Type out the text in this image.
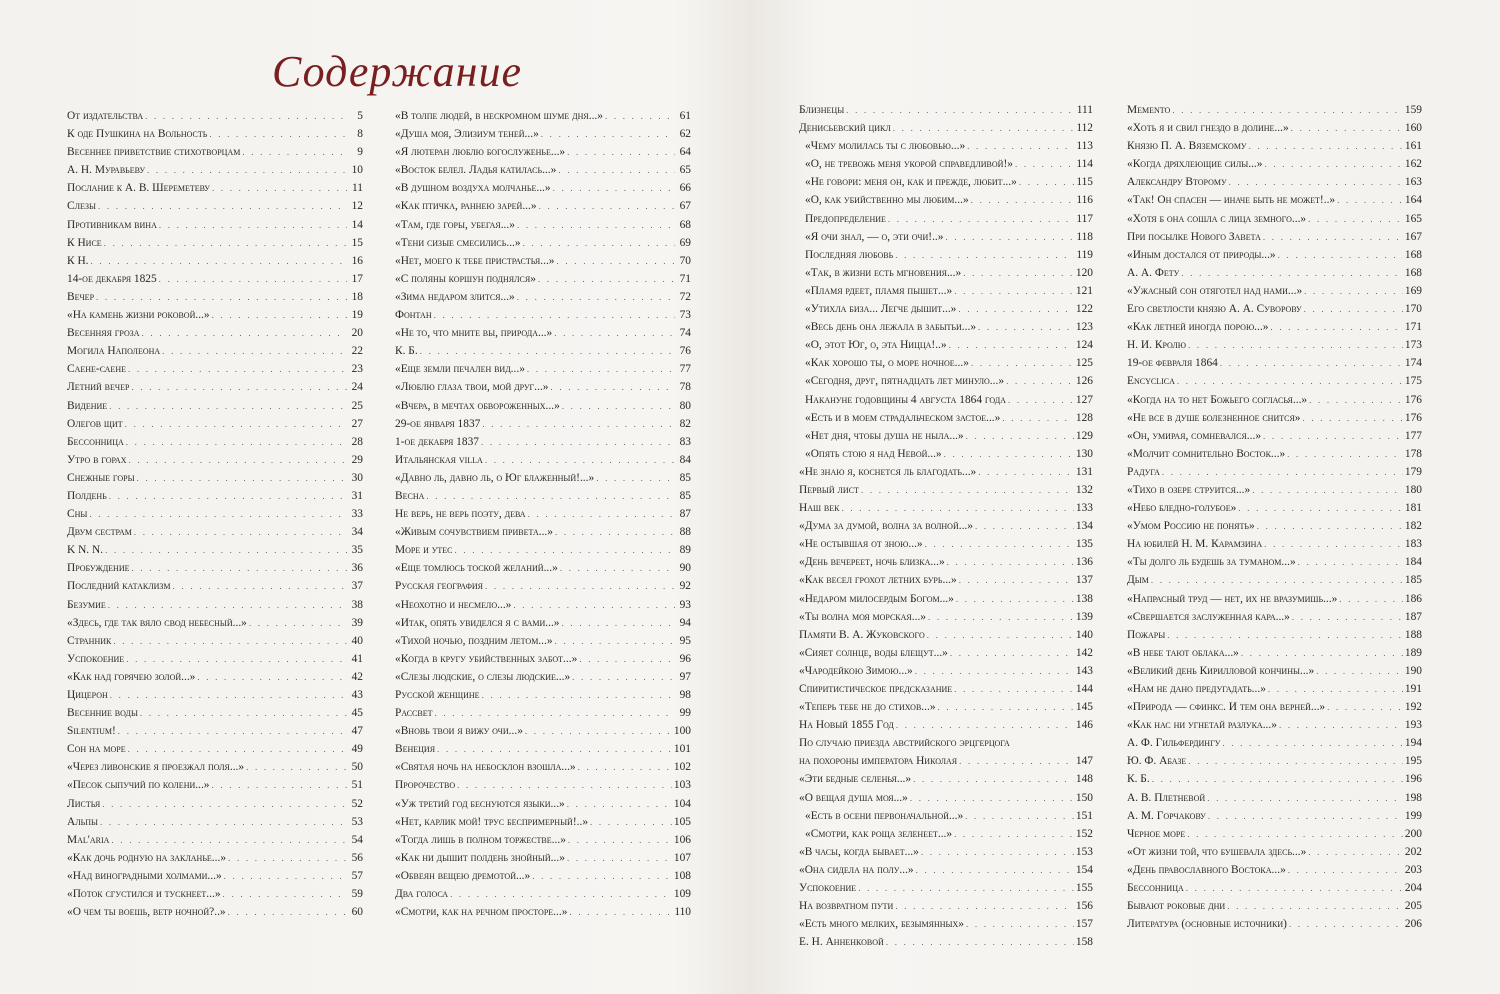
Содержание
От издательства . . .	5
К оде Пушкина на Вольность . . .	8
Весеннее приветствие стихотворцам . . .	9
А. Н. Муравьеву . . .	10
Послание к А. В. Шереметеву . . .	11
Слезы . . .	12
Противникам вина . . .	14
К Нисе . . .	15
К Н. . . .	16
14-ое декабря 1825 . . .	17
Вечер . . .	18
«На камень жизни роковой...» . . .	19
Весенняя гроза . . .	20
Могила Наполеона . . .	22
Саене-саене . . .	23
Летний вечер . . .	24
Видение . . .	25
Олегов щит . . .	27
Бессонница . . .	28
Утро в горах . . .	29
Снежные горы . . .	30
Полдень . . .	31
Сны . . .	33
Двум сестрам . . .	34
K N. N. . . .	35
Пробуждение . . .	36
Последний катаклизм . . .	37
Безумие . . .	38
«Здесь, где так вяло свод небесный...» . . .	39
Странник . . .	40
Успокоение . . .	41
«Как над горячею золой...» . . .	42
Цицерон . . .	43
Весенние воды . . .	45
Silentium! . . .	47
Сон на море . . .	49
«Через ливонские я проезжал поля...» . . .	50
«Песок сыпучий по колени...» . . .	51
Листья . . .	52
Альпы . . .	53
Mal'aria . . .	54
«Как дочь родную на закланье...» . . .	56
«Над виноградными холмами...» . . .	57
«Поток сгустился и тускнеет...» . . .	59
«О чем ты воешь, ветр ночной?..» . . .	60
«В толпе людей, в нескромном шуме дня...» . . .	61
«Душа моя, Элизиум теней...» . . .	62
«Я лютеран люблю богослуженье...» . . .	64
«Восток белел. Ладья катилась...» . . .	65
«В душном воздуха молчанье...» . . .	66
«Как птичка, раннею зарей...» . . .	67
«Там, где горы, убегая...» . . .	68
«Тени сизые смесились...» . . .	69
«Нет, моего к тебе пристрастья...» . . .	70
«С поляны коршун поднялся» . . .	71
«Зима недаром злится...» . . .	72
Фонтан . . .	73
«Не то, что мните вы, природа...» . . .	74
К. Б. . . .	76
«Еще земли печален вид...» . . .	77
«Люблю глаза твои, мой друг...» . . .	78
«Вчера, в мечтах обвороженных...» . . .	80
29-ое января 1837 . . .	82
1-ое декабря 1837 . . .	83
Итальянская villa . . .	84
«Давно ль, давно ль, о Юг блаженный!...» . . .	85
Весна . . .	85
Не верь, не верь поэту, дева . . .	87
«Живым сочувствием привета...» . . .	88
Море и утес . . .	89
«Еще томлюсь тоской желаний...» . . .	90
Русская география . . .	92
«Неохотно и несмело...» . . .	93
«Итак, опять увиделся я с вами...» . . .	94
«Тихой ночью, поздним летом...» . . .	95
«Когда в кругу убийственных забот...» . . .	96
«Слезы людские, о слезы людские...» . . .	97
Русской женщине . . .	98
Рассвет . . .	99
«Вновь твои я вижу очи...» . . .	100
Венеция . . .	101
«Святая ночь на небосклон взошла...» . . .	102
Пророчество . . .	103
«Уж третий год беснуются языки...» . . .	104
«Нет, карлик мой! трус беспримерный!..» . . .	105
«Тогда лишь в полном торжестве...» . . .	106
«Как ни дышит полдень знойный...» . . .	107
«Обвеян вещею дремотой...» . . .	108
Два голоса . . .	109
«Смотри, как на речном просторе...» . . .	110
Близнецы . . .	111
Денисьевский цикл . . .	112
«Чему молилась ты с любовью...» . . .	113
«О, не тревожь меня укорой справедливой!» . . .	114
«Не говори: меня он, как и прежде, любит...» . . .	115
«О, как убийственно мы любим...» . . .	116
Предопределение . . .	117
«Я очи знал, — о, эти очи!..» . . .	118
Последняя любовь . . .	119
«Так, в жизни есть мгновения...» . . .	120
«Пламя рдеет, пламя пышет...» . . .	121
«Утихла биза... Легче дышит...» . . .	122
«Весь день она лежала в забытьи...» . . .	123
«О, этот Юг, о, эта Ницца!..» . . .	124
«Как хорошо ты, о море ночное...» . . .	125
«Сегодня, друг, пятнадцать лет минуло...» . . .	126
Накануне годовщины 4 августа 1864 года . . .	127
«Есть и в моем страдальческом застое...» . . .	128
«Нет дня, чтобы душа не ныла...» . . .	129
«Опять стою я над Невой...» . . .	130
«Не знаю я, коснется ль благодать...» . . .	131
Первый лист . . .	132
Наш век . . .	133
«Дума за думой, волна за волной...» . . .	134
«Не остывшая от зною...» . . .	135
«День вечереет, ночь близка...» . . .	136
«Как весел грохот летних бурь...» . . .	137
«Недаром милосердым Богом...» . . .	138
«Ты волна моя морская...» . . .	139
Памяти В. А. Жуковского . . .	140
«Сияет солнце, воды блещут...» . . .	142
«Чародейкою Зимою...» . . .	143
Спиритистическое предсказание . . .	144
«Теперь тебе не до стихов...» . . .	145
На Новый 1855 Год . . .	146
По случаю приезда австрийского эрцгерцога
на похороны императора Николая . . .	147
«Эти бедные селенья...» . . .	148
«О вещая душа моя...» . . .	150
«Есть в осени первоначальной...» . . .	151
«Смотри, как роща зеленеет...» . . .	152
«В часы, когда бывает...» . . .	153
«Она сидела на полу...» . . .	154
Успокоение . . .	155
На возвратном пути . . .	156
«Есть много мелких, безымянных» . . .	157
Е. Н. Анненковой . . .	158
Memento . . .	159
«Хоть я и свил гнездо в долине...» . . .	160
Князю П. А. Вяземскому . . .	161
«Когда дряхлеющие силы...» . . .	162
Александру Второму . . .	163
«Так! Он спасен — иначе быть не может!..» . . .	164
«Хотя б она сошла с лица земного...» . . .	165
При посылке Нового Завета . . .	167
«Иным достался от природы...» . . .	168
А. А. Фету . . .	168
«Ужасный сон отяготел над нами...» . . .	169
Его светлости князю А. А. Суворову . . .	170
«Как летней иногда порою...» . . .	171
Н. И. Кролю . . .	173
19-ое февраля 1864 . . .	174
Encyclica . . .	175
«Когда на то нет Божьего согласья...» . . .	176
«Не все в душе болезненное снится» . . .	176
«Он, умирая, сомневался...» . . .	177
«Молчит сомнительно Восток...» . . .	178
Радуга . . .	179
«Тихо в озере струится...» . . .	180
«Небо бледно-голубое» . . .	181
«Умом Россию не понять» . . .	182
На юбилей Н. М. Карамзина . . .	183
«Ты долго ль будешь за туманом...» . . .	184
Дым . . .	185
«Напрасный труд — нет, их не вразумишь...» . . .	186
«Свершается заслуженная кара...» . . .	187
Пожары . . .	188
«В небе тают облака...» . . .	189
«Великий день Кирилловой кончины...» . . .	190
«Нам не дано предугадать...» . . .	191
«Природа — сфинкс. И тем она верней...» . . .	192
«Как нас ни угнетай разлука...» . . .	193
А. Ф. Гильфердингу . . .	194
Ю. Ф. Абазе . . .	195
К. Б. . . .	196
А. В. Плетневой . . .	198
А. М. Горчакову . . .	199
Черное море . . .	200
«От жизни той, что бушевала здесь...» . . .	202
«День православного Востока...» . . .	203
Бессонница . . .	204
Бывают роковые дни . . .	205
Литература (основные источники) . . .	206
